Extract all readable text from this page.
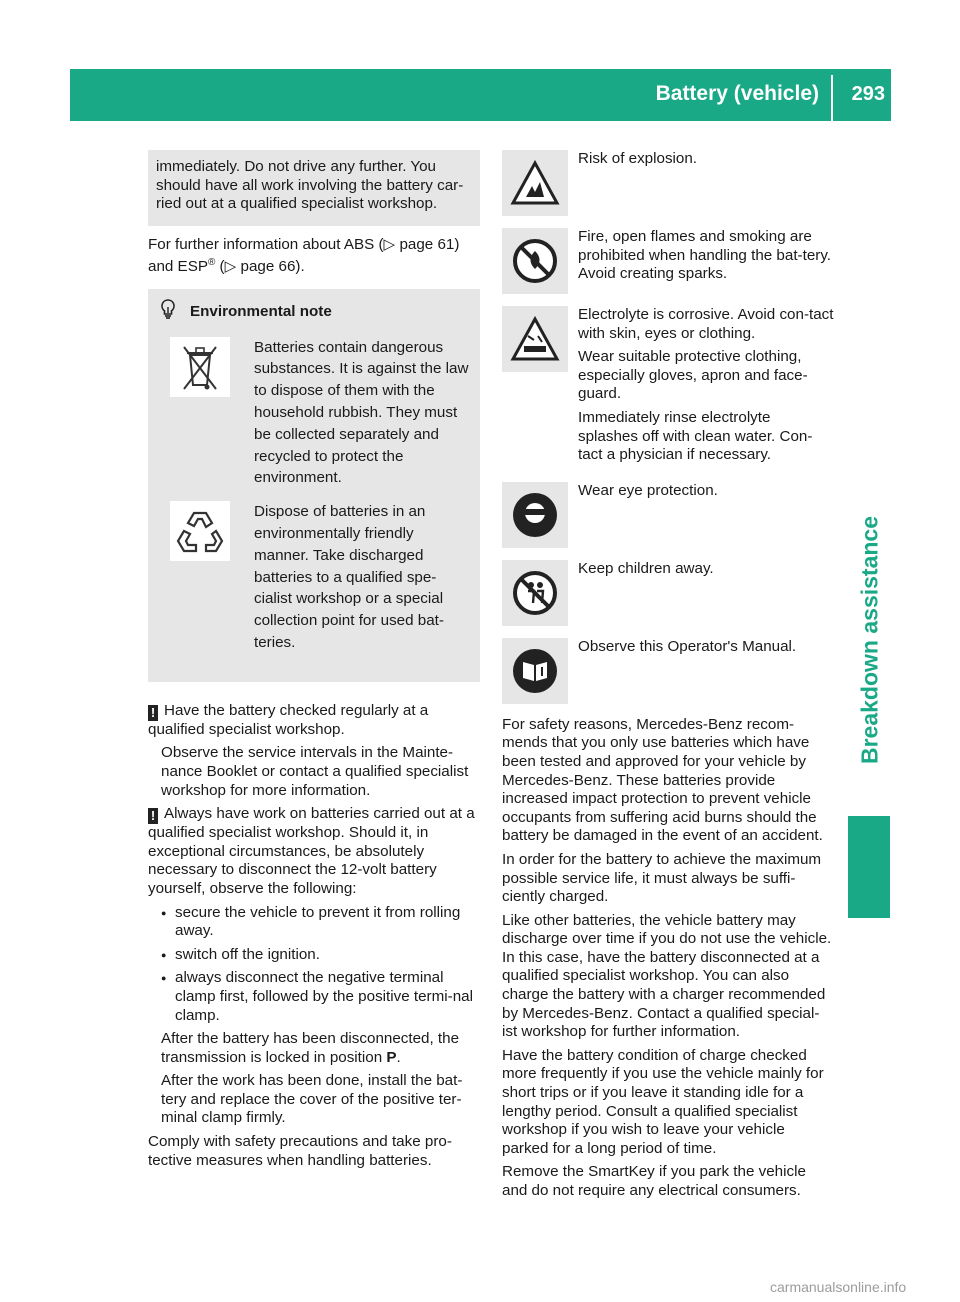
Battery (vehicle) 293
Breakdown assistance

immediately. Do not drive any further. You should have all work involving the battery car-ried out at a qualified specialist workshop.

For further information about ABS (▷ page 61)
and ESP® (▷ page 66).

Environmental note
Batteries contain dangerous substances. It is against the law to dispose of them with the household rubbish. They must be collected separately and recycled to protect the environment.
Dispose of batteries in an environmentally friendly manner. Take discharged batteries to a qualified spe-cialist workshop or a special collection point for used bat-teries.

! Have the battery checked regularly at a qualified specialist workshop.

Observe the service intervals in the Mainte-nance Booklet or contact a qualified specialist workshop for more information.

! Always have work on batteries carried out at a qualified specialist workshop. Should it, in exceptional circumstances, be absolutely necessary to disconnect the 12-volt battery yourself, observe the following:

● secure the vehicle to prevent it from rolling away.
● switch off the ignition.
● always disconnect the negative terminal clamp first, followed by the positive termi-nal clamp.

After the battery has been disconnected, the transmission is locked in position P.

After the work has been done, install the bat-tery and replace the cover of the positive ter-minal clamp firmly.

Comply with safety precautions and take pro-tective measures when handling batteries.

Risk of explosion.

Fire, open flames and smoking are prohibited when handling the bat-tery. Avoid creating sparks.

Electrolyte is corrosive. Avoid con-tact with skin, eyes or clothing.

Wear suitable protective clothing, especially gloves, apron and face-guard.

Immediately rinse electrolyte splashes off with clean water. Con-tact a physician if necessary.

Wear eye protection.

Keep children away.

Observe this Operator's Manual.

For safety reasons, Mercedes-Benz recom-mends that you only use batteries which have been tested and approved for your vehicle by Mercedes-Benz. These batteries provide increased impact protection to prevent vehicle occupants from suffering acid burns should the battery be damaged in the event of an accident.

In order for the battery to achieve the maximum possible service life, it must always be suffi-ciently charged.

Like other batteries, the vehicle battery may discharge over time if you do not use the vehicle. In this case, have the battery disconnected at a qualified specialist workshop. You can also charge the battery with a charger recommended by Mercedes-Benz. Contact a qualified special-ist workshop for further information.

Have the battery condition of charge checked more frequently if you use the vehicle mainly for short trips or if you leave it standing idle for a lengthy period. Consult a qualified specialist workshop if you wish to leave your vehicle parked for a long period of time.

Remove the SmartKey if you park the vehicle and do not require any electrical consumers.

carmanualsonline.info
